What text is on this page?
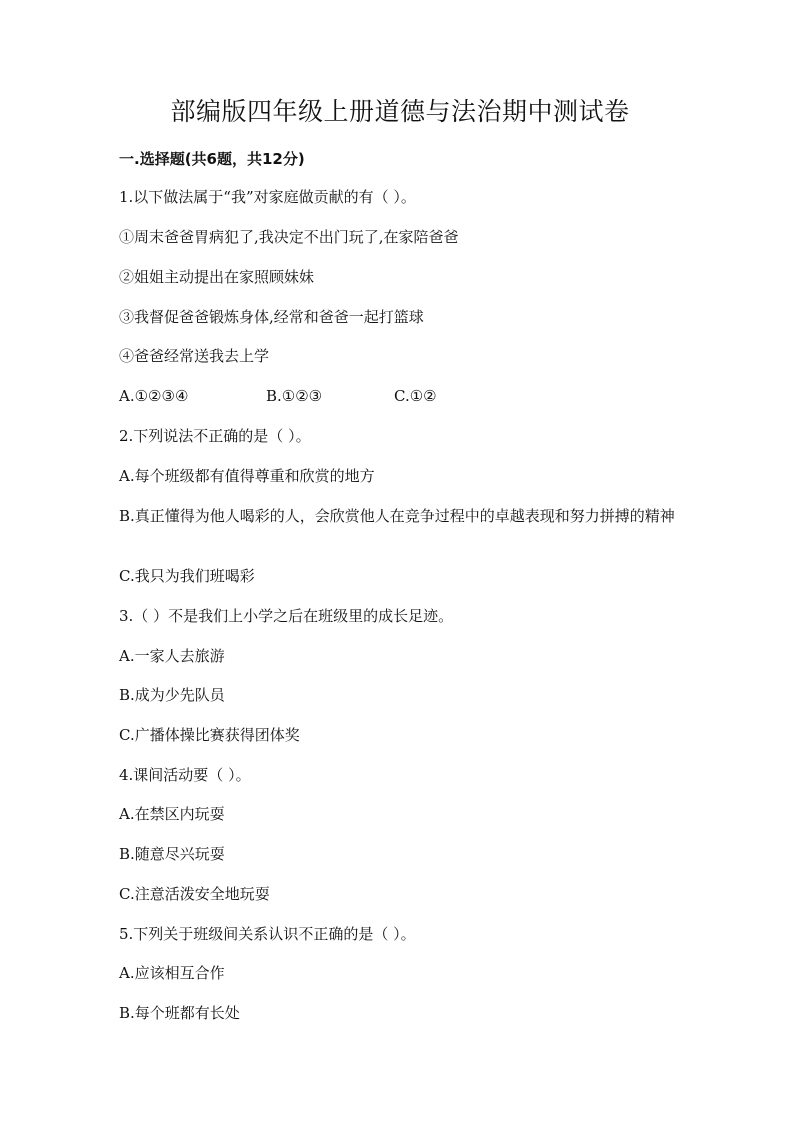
部编版四年级上册道德与法治期中测试卷
一.选择题(共6题，共12分)
1.以下做法属于“我”对家庭做贡献的有（ ）。
①周末爸爸胃病犯了,我决定不出门玩了,在家陪爸爸
②姐姐主动提出在家照顾妹妹
③我督促爸爸锻炼身体,经常和爸爸一起打篮球
④爸爸经常送我去上学
A.①②③④	B.①②③	C.①②
2.下列说法不正确的是（ ）。
A.每个班级都有值得尊重和欣赏的地方
B.真正懂得为他人喝彩的人，会欣赏他人在竞争过程中的卓越表现和努力拼搏的精神
C.我只为我们班喝彩
3.（ ）不是我们上小学之后在班级里的成长足迹。
A.一家人去旅游
B.成为少先队员
C.广播体操比赛获得团体奖
4.课间活动要（ ）。
A.在禁区内玩耍
B.随意尽兴玩耍
C.注意活泼安全地玩耍
5.下列关于班级间关系认识不正确的是（ ）。
A.应该相互合作
B.每个班都有长处
